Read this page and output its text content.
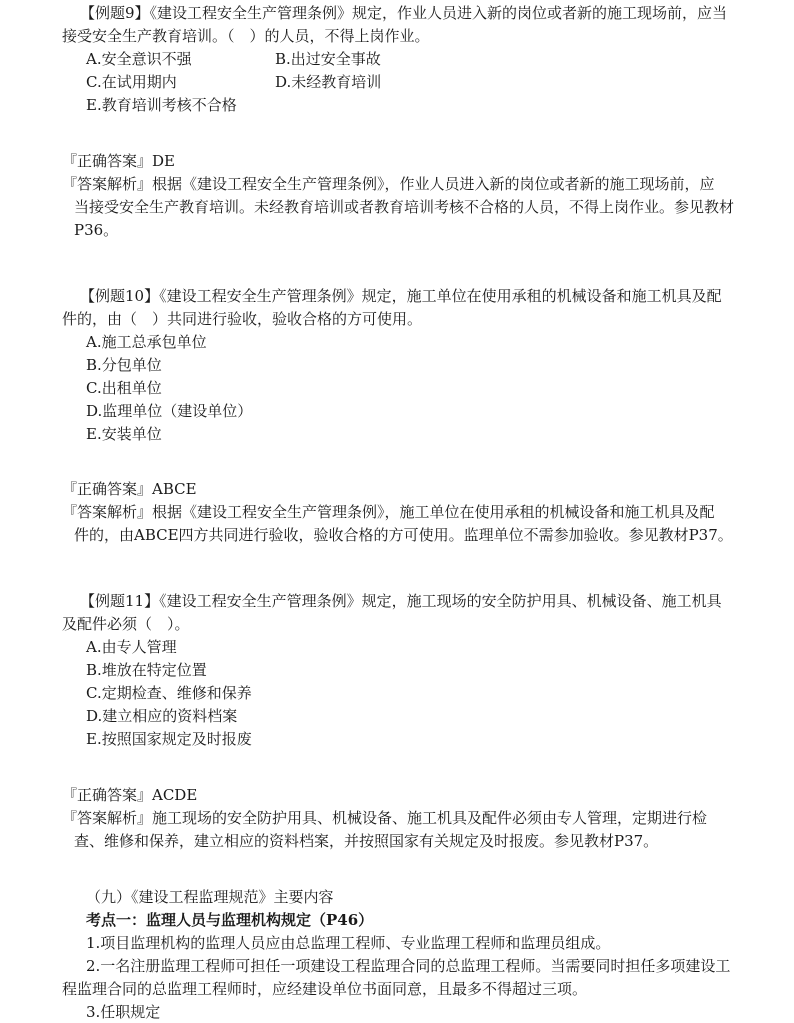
【例题9】《建设工程安全生产管理条例》规定，作业人员进入新的岗位或者新的施工现场前，应当
接受安全生产教育培训。（　）的人员，不得上岗作业。
A.安全意识不强	B.出过安全事故
C.在试用期内	D.未经教育培训
E.教育培训考核不合格
『正确答案』DE
『答案解析』根据《建设工程安全生产管理条例》，作业人员进入新的岗位或者新的施工现场前，应
当接受安全生产教育培训。未经教育培训或者教育培训考核不合格的人员，不得上岗作业。参见教材
P36。
【例题10】《建设工程安全生产管理条例》规定，施工单位在使用承租的机械设备和施工机具及配
件的，由（　）共同进行验收，验收合格的方可使用。
A.施工总承包单位
B.分包单位
C.出租单位
D.监理单位（建设单位）
E.安装单位
『正确答案』ABCE
『答案解析』根据《建设工程安全生产管理条例》，施工单位在使用承租的机械设备和施工机具及配
件的，由ABCE四方共同进行验收，验收合格的方可使用。监理单位不需参加验收。参见教材P37。
【例题11】《建设工程安全生产管理条例》规定，施工现场的安全防护用具、机械设备、施工机具
及配件必须（　）。
A.由专人管理
B.堆放在特定位置
C.定期检查、维修和保养
D.建立相应的资料档案
E.按照国家规定及时报废
『正确答案』ACDE
『答案解析』施工现场的安全防护用具、机械设备、施工机具及配件必须由专人管理，定期进行检
查、维修和保养，建立相应的资料档案，并按照国家有关规定及时报废。参见教材P37。
（九）《建设工程监理规范》主要内容
考点一：监理人员与监理机构规定（P46）
1.项目监理机构的监理人员应由总监理工程师、专业监理工程师和监理员组成。
2.一名注册监理工程师可担任一项建设工程监理合同的总监理工程师。当需要同时担任多项建设工
程监理合同的总监理工程师时，应经建设单位书面同意，且最多不得超过三项。
3.任职规定
